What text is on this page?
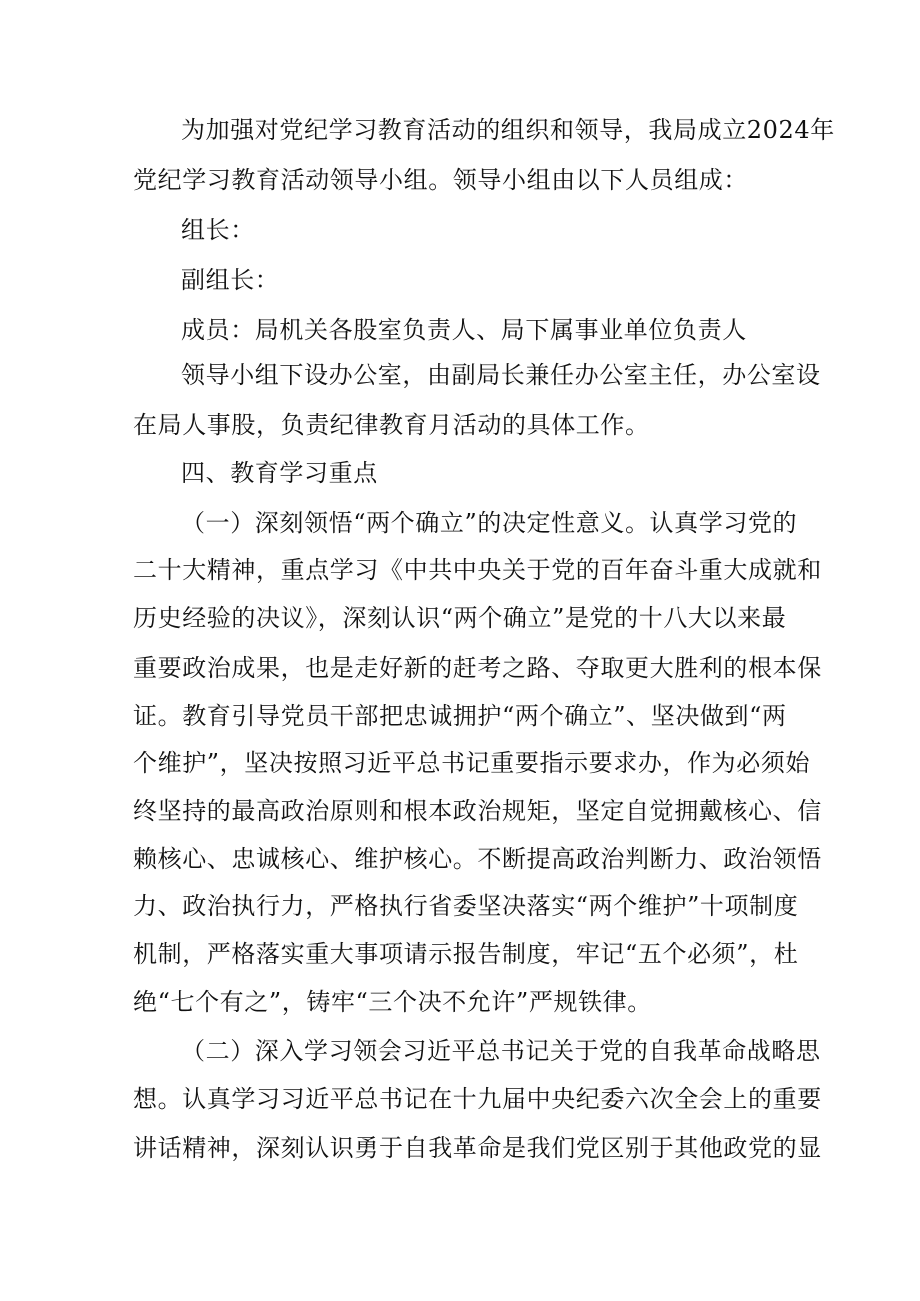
为加强对党纪学习教育活动的组织和领导，我局成立2024年
党纪学习教育活动领导小组。领导小组由以下人员组成：
组长：
副组长：
成员：局机关各股室负责人、局下属事业单位负责人
领导小组下设办公室，由副局长兼任办公室主任，办公室设
在局人事股，负责纪律教育月活动的具体工作。
四、教育学习重点
（一）深刻领悟“两个确立”的决定性意义。认真学习党的
二十大精神，重点学习《中共中央关于党的百年奋斗重大成就和
历史经验的决议》，深刻认识“两个确立”是党的十八大以来最
重要政治成果，也是走好新的赶考之路、夺取更大胜利的根本保
证。教育引导党员干部把忠诚拥护“两个确立”、坚决做到“两
个维护”，坚决按照习近平总书记重要指示要求办，作为必须始
终坚持的最高政治原则和根本政治规矩，坚定自觉拥戴核心、信
赖核心、忠诚核心、维护核心。不断提高政治判断力、政治领悟
力、政治执行力，严格执行省委坚决落实“两个维护”十项制度
机制，严格落实重大事项请示报告制度，牢记“五个必须”，杜
绝“七个有之”，铸牢“三个决不允许”严规铁律。
（二）深入学习领会习近平总书记关于党的自我革命战略思
想。认真学习习近平总书记在十九届中央纪委六次全会上的重要
讲话精神，深刻认识勇于自我革命是我们党区别于其他政党的显
